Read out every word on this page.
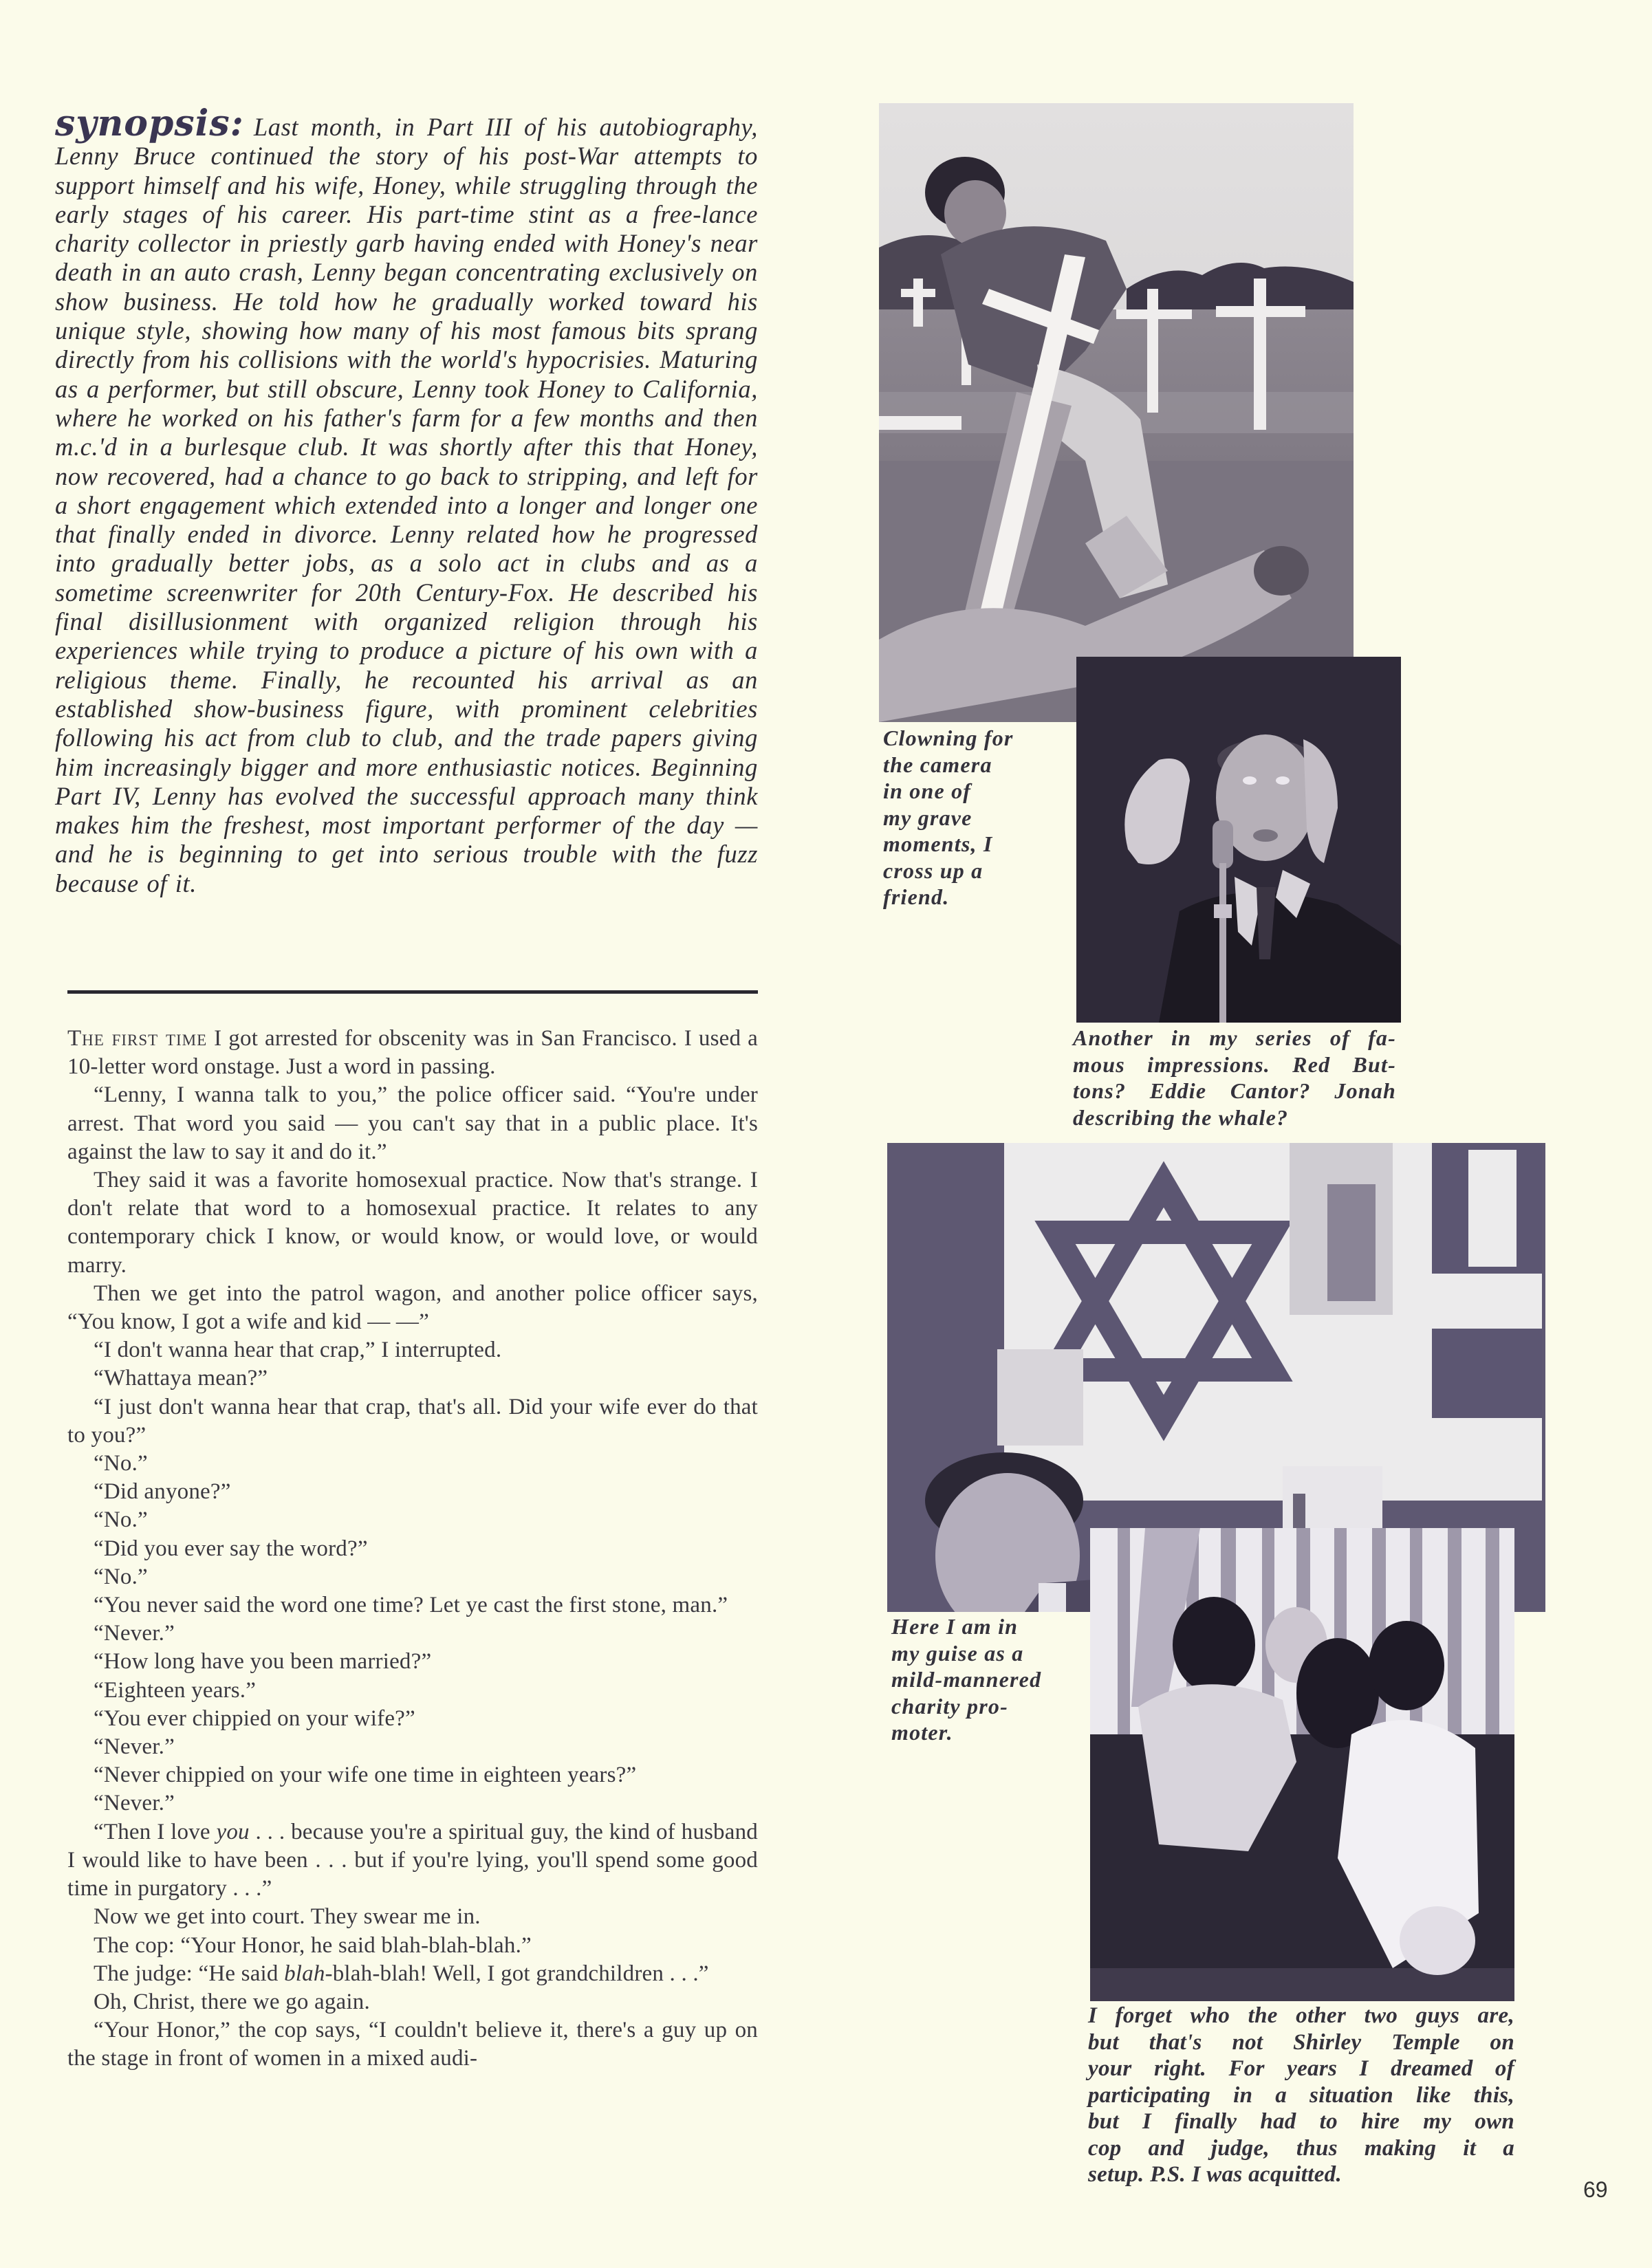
synopsis: Last month, in Part III of his autobiography, Lenny Bruce continued the story of his post-War attempts to support himself and his wife, Honey, while struggling through the early stages of his career. His part-time stint as a free-lance charity collector in priestly garb having ended with Honey's near death in an auto crash, Lenny began concentrating exclusively on show business. He told how he gradually worked toward his unique style, showing how many of his most famous bits sprang directly from his collisions with the world's hypocrisies. Maturing as a performer, but still obscure, Lenny took Honey to California, where he worked on his father's farm for a few months and then m.c.'d in a burlesque club. It was shortly after this that Honey, now recovered, had a chance to go back to stripping, and left for a short engagement which extended into a longer and longer one that finally ended in divorce. Lenny related how he progressed into gradually better jobs, as a solo act in clubs and as a sometime screenwriter for 20th Century-Fox. He described his final disillusionment with organized religion through his experiences while trying to produce a picture of his own with a religious theme. Finally, he recounted his arrival as an established show-business figure, with prominent celebrities following his act from club to club, and the trade papers giving him increasingly bigger and more enthusiastic notices. Beginning Part IV, Lenny has evolved the successful approach many think makes him the freshest, most important performer of the day — and he is beginning to get into serious trouble with the fuzz because of it.

The first time I got arrested for obscenity was in San Francisco. I used a 10-letter word onstage. Just a word in passing.

“Lenny, I wanna talk to you,” the police officer said. “You're under arrest. That word you said — you can't say that in a public place. It's against the law to say it and do it.”

They said it was a favorite homosexual practice. Now that's strange. I don't relate that word to a homosexual practice. It relates to any contemporary chick I know, or would know, or would love, or would marry.

Then we get into the patrol wagon, and another police officer says, “You know, I got a wife and kid — —”

“I don't wanna hear that crap,” I interrupted.

“Whattaya mean?”

“I just don't wanna hear that crap, that's all. Did your wife ever do that to you?”

“No.”

“Did anyone?”

“No.”

“Did you ever say the word?”

“No.”

“You never said the word one time? Let ye cast the first stone, man.”

“Never.”

“How long have you been married?”

“Eighteen years.”

“You ever chippied on your wife?”

“Never.”

“Never chippied on your wife one time in eighteen years?”

“Never.”

“Then I love you . . . because you're a spiritual guy, the kind of husband I would like to have been . . . but if you're lying, you'll spend some good time in purgatory . . .”

Now we get into court. They swear me in.

The cop: “Your Honor, he said blah-blah-blah.”

The judge: “He said blah-blah-blah! Well, I got grandchildren . . .”

Oh, Christ, there we go again.

“Your Honor,” the cop says, “I couldn't believe it, there's a guy up on the stage in front of women in a mixed audi-

Clowning for
the camera
in one of
my grave
moments, I
cross up a
friend.
Another in my series of fa-
mous impressions. Red But-
tons? Eddie Cantor? Jonah
describing the whale?
Here I am in
my guise as a
mild-mannered
charity pro-
moter.
I forget who the other two guys are,
but that's not Shirley Temple on
your right. For years I dreamed of
participating in a situation like this,
but I finally had to hire my own
cop and judge, thus making it a
setup. P.S. I was acquitted.
69
